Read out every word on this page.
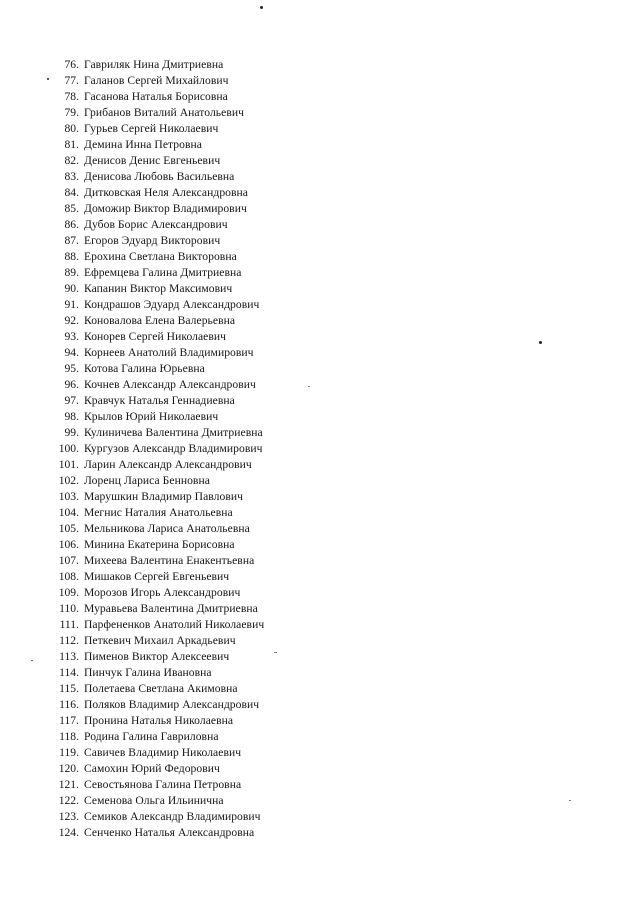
76. Гавриляк Нина Дмитриевна
77. Галанов Сергей Михайлович
78. Гасанова Наталья Борисовна
79. Грибанов Виталий Анатольевич
80. Гурьев Сергей Николаевич
81. Демина Инна Петровна
82. Денисов Денис Евгеньевич
83. Денисова Любовь Васильевна
84. Дитковская Неля Александровна
85. Доможир Виктор Владимирович
86. Дубов Борис Александрович
87. Егоров Эдуард Викторович
88. Ерохина Светлана Викторовна
89. Ефремцева Галина Дмитриевна
90. Капанин Виктор Максимович
91. Кондрашов Эдуард Александрович
92. Коновалова Елена Валерьевна
93. Конорев Сергей Николаевич
94. Корнеев Анатолий Владимирович
95. Котова Галина Юрьевна
96. Кочнев Александр Александрович
97. Кравчук Наталья Геннадиевна
98. Крылов Юрий Николаевич
99. Кулиничева Валентина Дмитриевна
100. Кургузов Александр Владимирович
101. Ларин Александр Александрович
102. Лоренц Лариса Бенновна
103. Марушкин Владимир Павлович
104. Мегнис Наталия Анатольевна
105. Мельникова Лариса Анатольевна
106. Минина Екатерина Борисовна
107. Михеева Валентина Енакентьевна
108. Мишаков Сергей Евгеньевич
109. Морозов Игорь Александрович
110. Муравьева Валентина Дмитриевна
111. Парфененков Анатолий Николаевич
112. Петкевич Михаил Аркадьевич
113. Пименов Виктор Алексеевич
114. Пинчук Галина Ивановна
115. Полетаева Светлана Акимовна
116. Поляков Владимир Александрович
117. Пронина Наталья Николаевна
118. Родина Галина Гавриловна
119. Савичев Владимир Николаевич
120. Самохин Юрий Федорович
121. Севостьянова Галина Петровна
122. Семенова Ольга Ильинична
123. Семиков Александр Владимирович
124. Сенченко Наталья Александровна
